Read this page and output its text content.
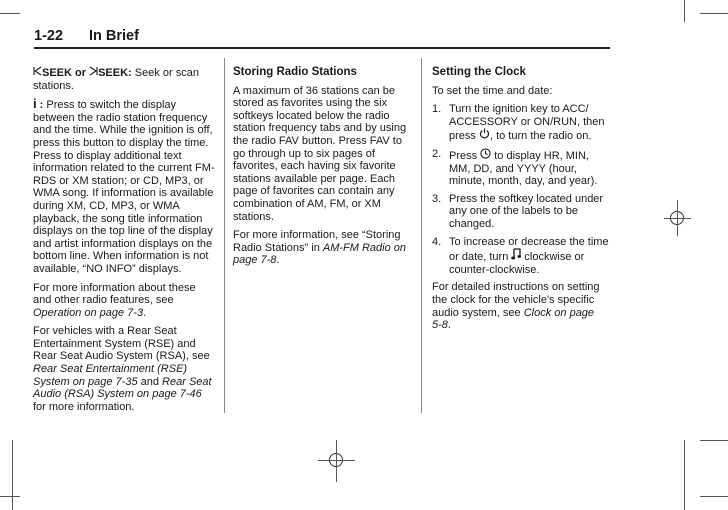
1-22 In Brief

SEEK or SEEK: Seek or scan stations.

i : Press to switch the display between the radio station frequency and the time. While the ignition is off, press this button to display the time. Press to display additional text information related to the current FM-RDS or XM station; or CD, MP3, or WMA song. If information is available during XM, CD, MP3, or WMA playback, the song title information displays on the top line of the display and artist information displays on the bottom line. When information is not available, “NO INFO” displays.

For more information about these and other radio features, see Operation on page 7‑3.

For vehicles with a Rear Seat Entertainment System (RSE) and Rear Seat Audio System (RSA), see Rear Seat Entertainment (RSE) System on page 7‑35 and Rear Seat Audio (RSA) System on page 7‑46 for more information.

Storing Radio Stations

A maximum of 36 stations can be stored as favorites using the six softkeys located below the radio station frequency tabs and by using the radio FAV button. Press FAV to go through up to six pages of favorites, each having six favorite stations available per page. Each page of favorites can contain any combination of AM, FM, or XM stations.

For more information, see “Storing Radio Stations” in AM-FM Radio on page 7‑8.

Setting the Clock

To set the time and date:

1. Turn the ignition key to ACC/ ACCESSORY or ON/RUN, then press , to turn the radio on.
2. Press  to display HR, MIN, MM, DD, and YYYY (hour, minute, month, day, and year).
3. Press the softkey located under any one of the labels to be changed.
4. To increase or decrease the time or date, turn  clockwise or counter-clockwise.

For detailed instructions on setting the clock for the vehicle's specific audio system, see Clock on page 5‑8.
